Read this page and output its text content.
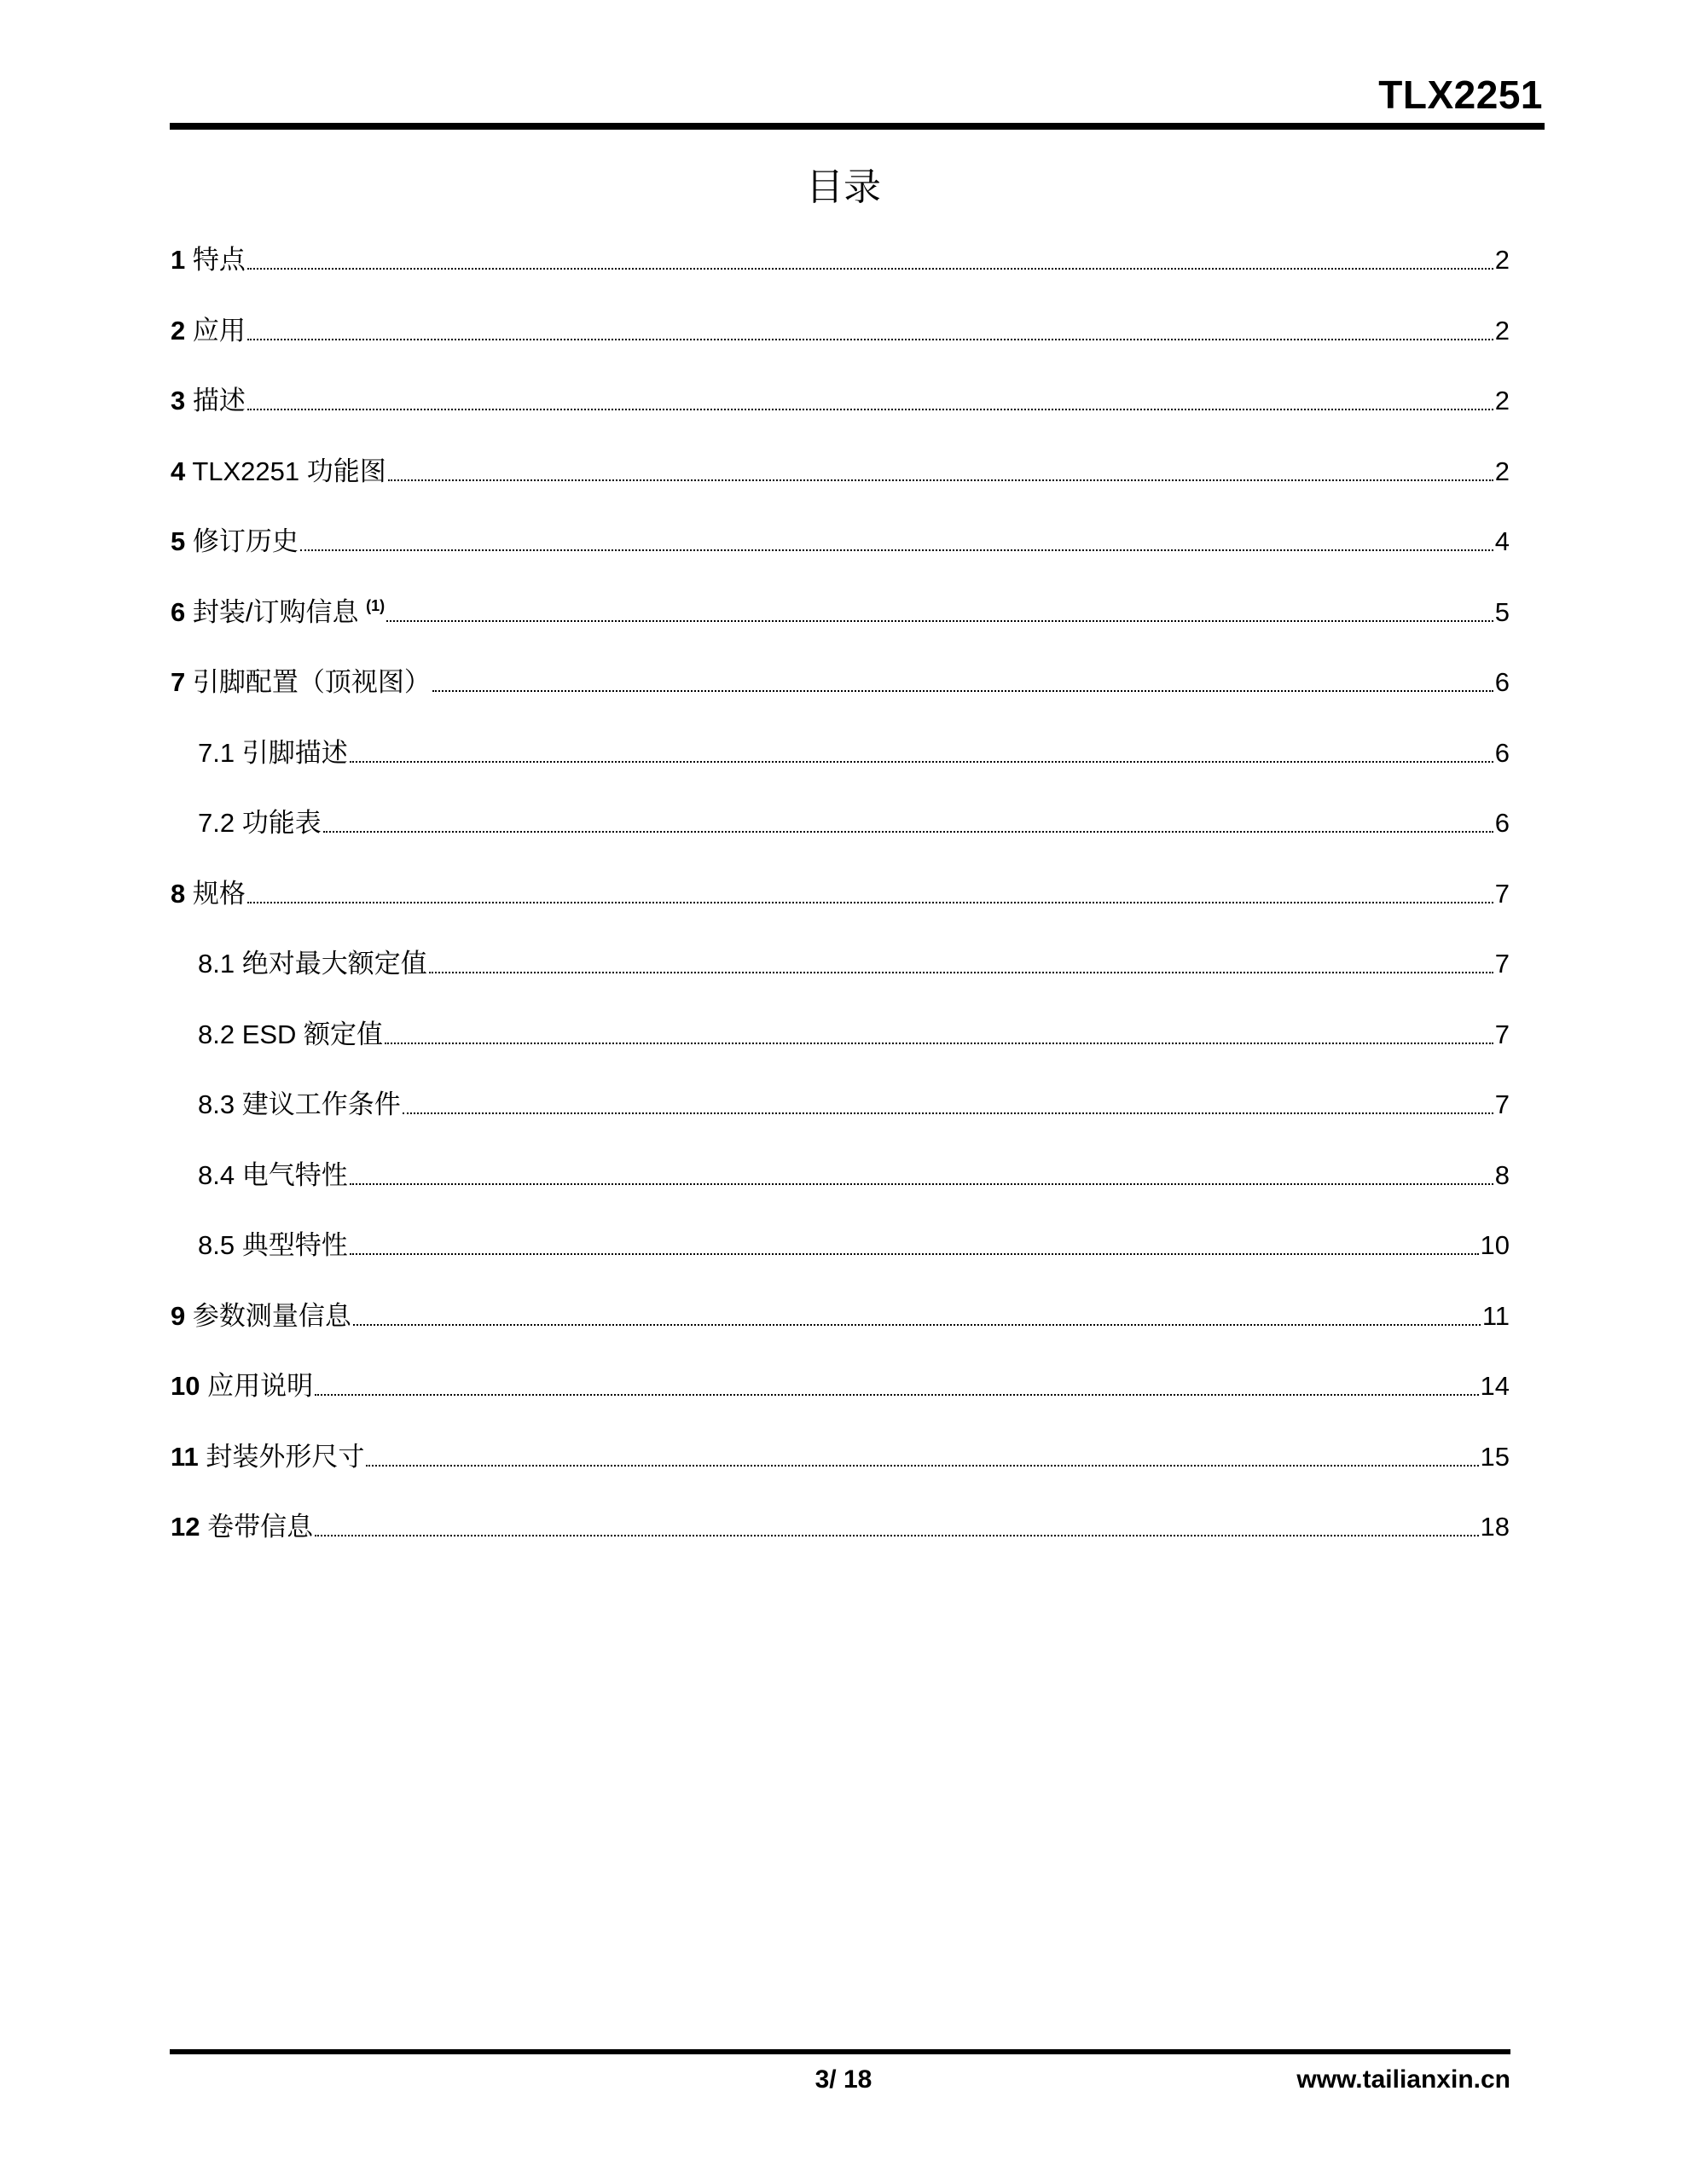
TLX2251
目录
1 特点	2
2 应用	2
3 描述	2
4 TLX2251 功能图	2
5 修订历史	4
6 封装/订购信息 $^{(1)}$	5
7 引脚配置（顶视图）	6
7.1 引脚描述	6
7.2 功能表	6
8 规格	7
8.1 绝对最大额定值	7
8.2 ESD 额定值	7
8.3 建议工作条件	7
8.4 电气特性	8
8.5 典型特性	10
9 参数测量信息	11
10 应用说明	14
11 封装外形尺寸	15
12 卷带信息	18
3/ 18	www.tailianxin.cn
